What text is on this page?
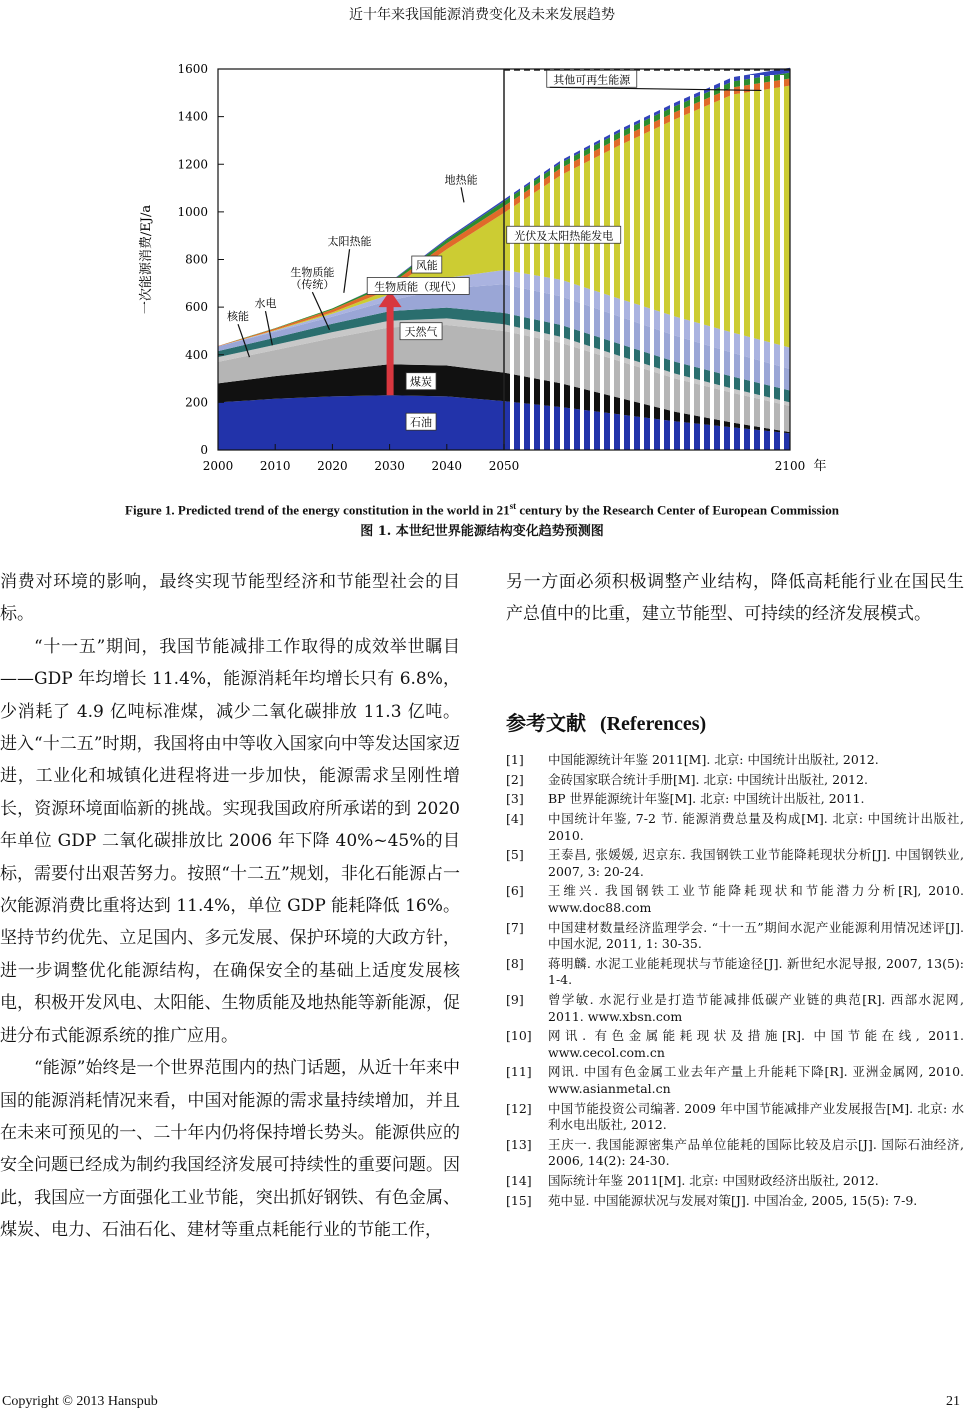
近十年来我国能源消费变化及未来发展趋势
0
200
400
600
800
1000
1200
1400
1600
2000 2010 2020 2030 2040 2050	2100 年
一次能源消费/EJ/a
核能
水电
生物质能
（传统）
太阳热能
地热能
风能
生物质能（现代）
天然气
煤炭
石油
光伏及太阳热能发电
其他可再生能源
Figure 1. Predicted trend of the energy constitution in the world in 21st century by the Research Center of European Commission
图 1. 本世纪世界能源结构变化趋势预测图

消费对环境的影响，最终实现节能型经济和节能型社会的目标。

“十一五”期间，我国节能减排工作取得的成效举世瞩目——GDP 年均增长 11.4%，能源消耗年均增长只有 6.8%，少消耗了 4.9 亿吨标准煤，减少二氧化碳排放 11.3 亿吨。进入“十二五”时期，我国将由中等收入国家向中等发达国家迈进，工业化和城镇化进程将进一步加快，能源需求呈刚性增长，资源环境面临新的挑战。实现我国政府所承诺的到 2020 年单位 GDP 二氧化碳排放比 2006 年下降 40%~45%的目标，需要付出艰苦努力。按照“十二五”规划，非化石能源占一次能源消费比重将达到 11.4%，单位 GDP 能耗降低 16%。坚持节约优先、立足国内、多元发展、保护环境的大政方针，进一步调整优化能源结构，在确保安全的基础上适度发展核电，积极开发风电、太阳能、生物质能及地热能等新能源，促进分布式能源系统的推广应用。

“能源”始终是一个世界范围内的热门话题，从近十年来中国的能源消耗情况来看，中国对能源的需求量持续增加，并且在未来可预见的一、二十年内仍将保持增长势头。能源供应的安全问题已经成为制约我国经济发展可持续性的重要问题。因此，我国应一方面强化工业节能，突出抓好钢铁、有色金属、煤炭、电力、石油石化、建材等重点耗能行业的节能工作，

另一方面必须积极调整产业结构，降低高耗能行业在国民生产总值中的比重，建立节能型、可持续的经济发展模式。

参考文献 (References)
[1] 中国能源统计年鉴 2011[M]. 北京: 中国统计出版社, 2012.
[2] 金砖国家联合统计手册[M]. 北京: 中国统计出版社, 2012.
[3] BP 世界能源统计年鉴[M]. 北京: 中国统计出版社, 2011.
[4] 中国统计年鉴, 7-2 节. 能源消费总量及构成[M]. 北京: 中国统计出版社, 2010.
[5] 王泰昌, 张媛媛, 迟京东. 我国钢铁工业节能降耗现状分析[J]. 中国钢铁业, 2007, 3: 20-24.
[6] 王维兴. 我国钢铁工业节能降耗现状和节能潜力分析[R], 2010. www.doc88.com
[7] 中国建材数量经济监理学会. “十一五”期间水泥产业能源利用情况述评[J]. 中国水泥, 2011, 1: 30-35.
[8] 蒋明麟. 水泥工业能耗现状与节能途径[J]. 新世纪水泥导报, 2007, 13(5): 1-4.
[9] 曾学敏. 水泥行业是打造节能减排低碳产业链的典范[R]. 西部水泥网, 2011. www.xbsn.com
[10] 网讯. 有色金属能耗现状及措施[R]. 中国节能在线, 2011. www.cecol.com.cn
[11] 网讯. 中国有色金属工业去年产量上升能耗下降[R]. 亚洲金属网, 2010. www.asianmetal.cn
[12] 中国节能投资公司编著. 2009 年中国节能减排产业发展报告[M]. 北京: 水利水电出版社, 2012.
[13] 王庆一. 我国能源密集产品单位能耗的国际比较及启示[J]. 国际石油经济, 2006, 14(2): 24-30.
[14] 国际统计年鉴 2011[M]. 北京: 中国财政经济出版社, 2012.
[15] 苑中显. 中国能源状况与发展对策[J]. 中国冶金, 2005, 15(5): 7-9.
Copyright © 2013 Hanspub	21
